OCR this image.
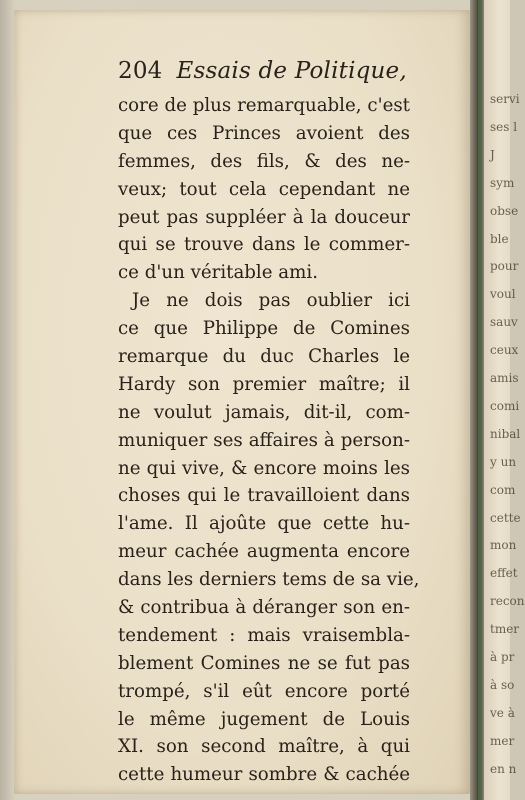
204 Essais de Politique,
core de plus remarquable, c'est
que ces Princes avoient des
femmes, des fils, & des ne-
veux; tout cela cependant ne
peut pas suppléer à la douceur
qui se trouve dans le commer-
ce d'un véritable ami.
Je ne dois pas oublier ici
ce que Philippe de Comines
remarque du duc Charles le
Hardy son premier maître; il
ne voulut jamais, dit-il, com-
muniquer ses affaires à person-
ne qui vive, & encore moins les
choses qui le travailloient dans
l'ame. Il ajoûte que cette hu-
meur cachée augmenta encore
dans les derniers tems de sa vie,
& contribua à déranger son en-
tendement : mais vraisembla-
blement Comines ne se fut pas
trompé, s'il eût encore porté
le même jugement de Louis
XI. son second maître, à qui
cette humeur sombre & cachée
servi
ses l
J
sym
obse
ble
pour
voul
sauv
ceux
amis
comi
nibal
y un
com
cette
mon
effet
recon
tmer
à pr
à so
ve à
mer
en n
